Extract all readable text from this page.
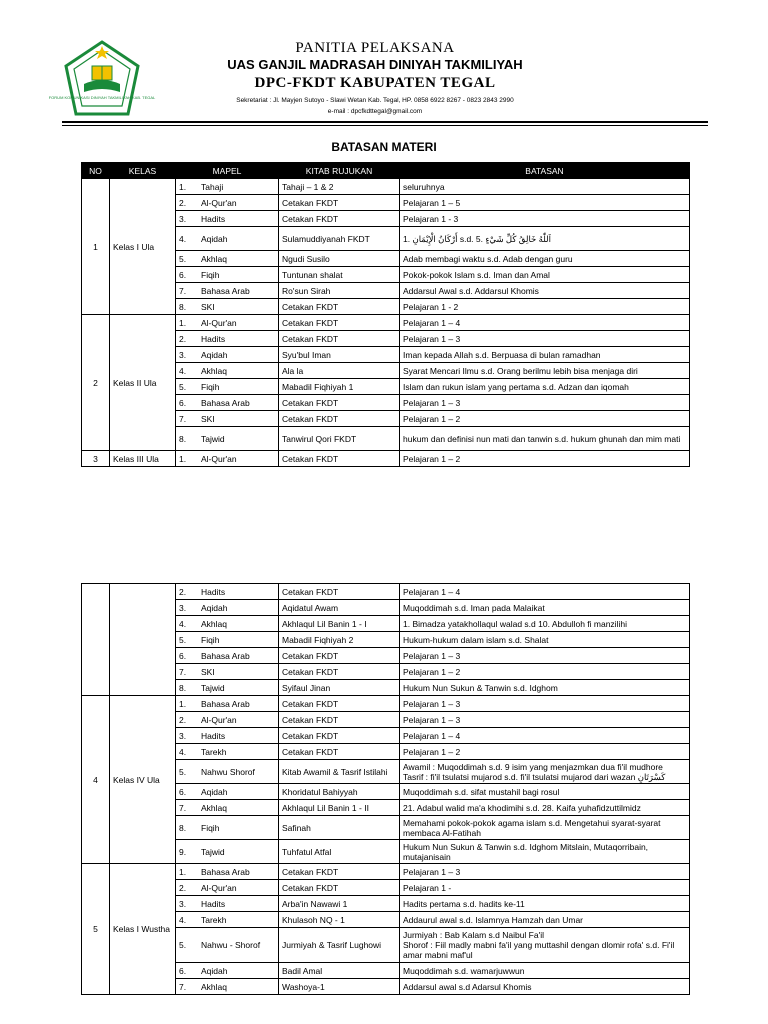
FORUM KOMUNIKASI DINIYAH TAKMILIYAH KAB. TEGAL
PANITIA PELAKSANA
UAS GANJIL MADRASAH DINIYAH TAKMILIYAH
DPC-FKDT KABUPATEN TEGAL
Sekretariat : Jl. Mayjen Sutoyo - Slawi Wetan Kab. Tegal, HP. 0858 6922 8267 - 0823 2843 2990
e-mail : dpcfkdttegal@gmail.com
BATASAN MATERI
NO	KELAS	MAPEL	KITAB RUJUKAN	BATASAN
1	Kelas I Ula	1. Tahaji	Tahaji – 1 & 2	seluruhnya
		2. Al-Qur'an	Cetakan FKDT	Pelajaran 1 – 5
		3. Hadits	Cetakan FKDT	Pelajaran 1 - 3
		4. Aqidah	Sulamuddiyanah FKDT	1. أَرْكَانُ الْإِيْمَانِ s.d. 5. اَللّٰهُ خَالِقُ كُلِّ شَيْءٍ
		5. Akhlaq	Ngudi Susilo	Adab membagi waktu s.d. Adab dengan guru
		6. Fiqih	Tuntunan shalat	Pokok-pokok Islam s.d. Iman dan Amal
		7. Bahasa Arab	Ro'sun Sirah	Addarsul Awal s.d. Addarsul Khomis
		8. SKI	Cetakan FKDT	Pelajaran 1 - 2
2	Kelas II Ula	1. Al-Qur'an	Cetakan FKDT	Pelajaran 1 – 4
		2. Hadits	Cetakan FKDT	Pelajaran 1 – 3
		3. Aqidah	Syu'bul Iman	Iman kepada Allah s.d. Berpuasa di bulan ramadhan
		4. Akhlaq	Ala la	Syarat Mencari Ilmu s.d. Orang berilmu lebih bisa menjaga diri
		5. Fiqih	Mabadil Fiqhiyah 1	Islam dan rukun islam yang pertama s.d. Adzan dan iqomah
		6. Bahasa Arab	Cetakan FKDT	Pelajaran 1 – 3
		7. SKI	Cetakan FKDT	Pelajaran 1 – 2
		8. Tajwid	Tanwirul Qori FKDT	hukum dan definisi nun mati dan tanwin s.d. hukum ghunah dan mim mati
3	Kelas III Ula	1. Al-Qur'an	Cetakan FKDT	Pelajaran 1 – 2
		2. Hadits	Cetakan FKDT	Pelajaran 1 – 4
		3. Aqidah	Aqidatul Awam	Muqoddimah s.d. Iman pada Malaikat
		4. Akhlaq	Akhlaqul Lil Banin 1 - I	1. Bimadza yatakhollaqul walad s.d 10. Abdulloh fi manzilihi
		5. Fiqih	Mabadil Fiqhiyah 2	Hukum-hukum dalam islam s.d. Shalat
		6. Bahasa Arab	Cetakan FKDT	Pelajaran 1 – 3
		7. SKI	Cetakan FKDT	Pelajaran 1 – 2
		8. Tajwid	Syifaul Jinan	Hukum Nun Sukun & Tanwin s.d. Idghom
4	Kelas IV Ula	1. Bahasa Arab	Cetakan FKDT	Pelajaran 1 – 3
		2. Al-Qur'an	Cetakan FKDT	Pelajaran 1 – 3
		3. Hadits	Cetakan FKDT	Pelajaran 1 – 4
		4. Tarekh	Cetakan FKDT	Pelajaran 1 – 2
		5. Nahwu Shorof	Kitab Awamil & Tasrif Istilahi	Awamil : Muqoddimah s.d. 9 isim yang menjazmkan dua fi'il mudhore
Tasrif : fi'il tsulatsi mujarod s.d. fi'il tsulatsi mujarod dari wazan كَسْرَتَانِ
		6. Aqidah	Khoridatul Bahiyyah	Muqoddimah s.d. sifat mustahil bagi rosul
		7. Akhlaq	Akhlaqul Lil Banin 1 - II	21. Adabul walid ma'a khodimihi s.d. 28. Kaifa yuhafidzuttilmidz
		8. Fiqih	Safinah	Memahami pokok-pokok agama islam s.d. Mengetahui syarat-syarat membaca Al-Fatihah
		9. Tajwid	Tuhfatul Atfal	Hukum Nun Sukun & Tanwin s.d. Idghom Mitslain, Mutaqorribain, mutajanisain
5	Kelas I Wustha	1. Bahasa Arab	Cetakan FKDT	Pelajaran 1 – 3
		2. Al-Qur'an	Cetakan FKDT	Pelajaran 1 -
		3. Hadits	Arba'in Nawawi 1	Hadits pertama s.d. hadits ke-11
		4. Tarekh	Khulasoh NQ - 1	Addaurul awal s.d. Islamnya Hamzah dan Umar
		5. Nahwu - Shorof	Jurmiyah & Tasrif Lughowi	Jurmiyah : Bab Kalam s.d Naibul Fa'il
Shorof : Fiil madly mabni fa'il yang muttashil dengan dlomir rofa' s.d. Fi'il amar mabni maf'ul
		6. Aqidah	Badil Amal	Muqoddimah s.d. wamarjuwwun
		7. Akhlaq	Washoya-1	Addarsul awal s.d Adarsul Khomis
